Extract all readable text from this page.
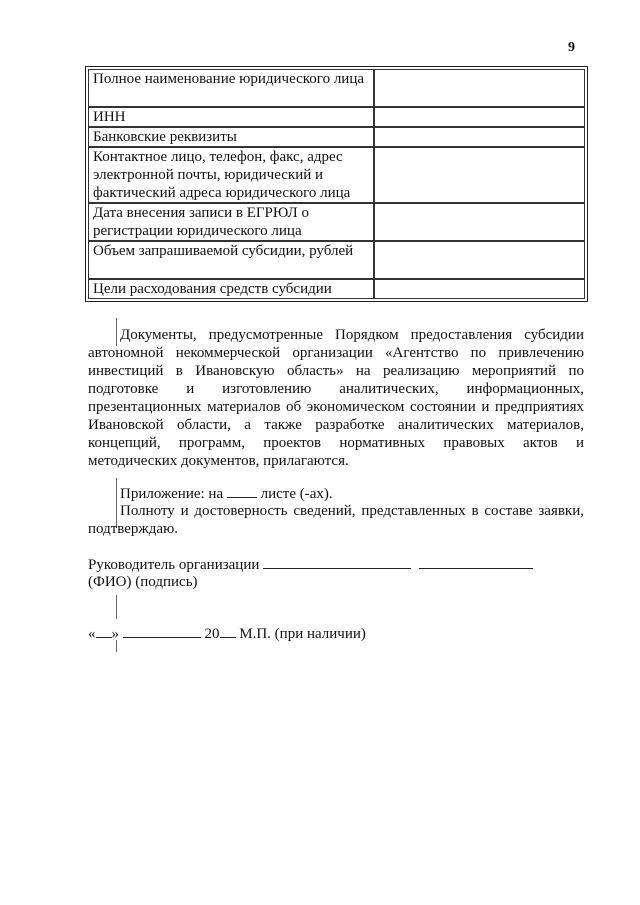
9
Полное наименование юридического лица	
ИНН	
Банковские реквизиты	
Контактное лицо, телефон, факс, адрес электронной почты, юридический и фактический адреса юридического лица	
Дата внесения записи в ЕГРЮЛ о регистрации юридического лица	
Объем запрашиваемой субсидии, рублей	
Цели расходования средств субсидии	

Документы, предусмотренные Порядком предоставления субсидии автономной некоммерческой организации «Агентство по привлечению инвестиций в Ивановскую область» на реализацию мероприятий по подготовке и изготовлению аналитических, информационных, презентационных материалов об экономическом состоянии и предприятиях Ивановской области, а также разработке аналитических материалов, концепций, программ, проектов нормативных правовых актов и методических документов, прилагаются.

Приложение: на	листе (-ах).

Полноту и достоверность сведений, представленных в составе заявки, подтверждаю.

Руководитель организации

(ФИО) (подпись)

« »	20 М.П. (при наличии)
